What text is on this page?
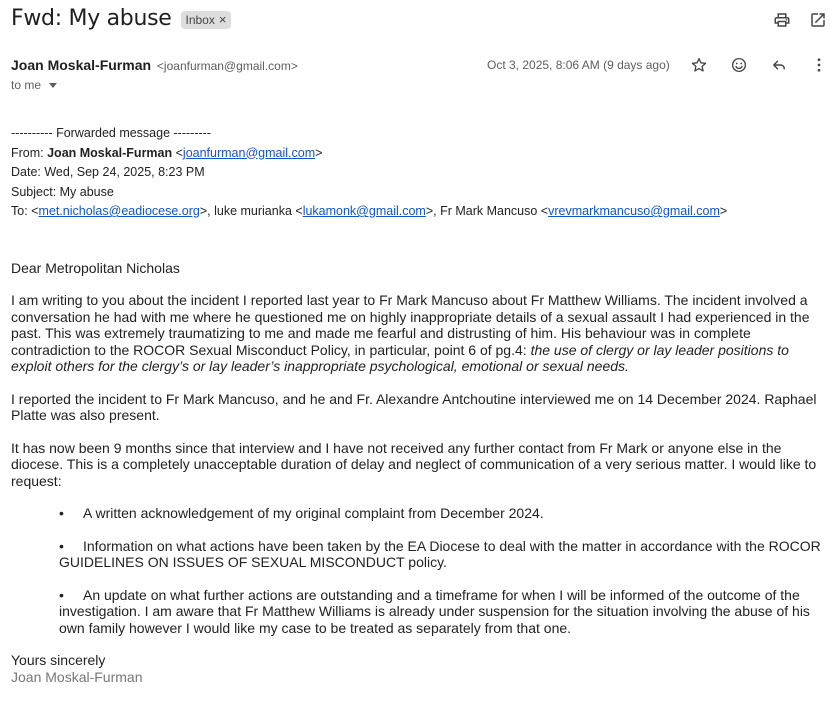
Fwd: My abuse Inbox ×
Joan Moskal-Furman <joanfurman@gmail.com>
to me
Oct 3, 2025, 8:06 AM (9 days ago)
---------- Forwarded message ---------
From: Joan Moskal-Furman <joanfurman@gmail.com>
Date: Wed, Sep 24, 2025, 8:23 PM
Subject: My abuse
To: <met.nicholas@eadiocese.org>, luke murianka <lukamonk@gmail.com>, Fr Mark Mancuso <vrevmarkmancuso@gmail.com>

Dear Metropolitan Nicholas

I am writing to you about the incident I reported last year to Fr Mark Mancuso about Fr Matthew Williams. The incident involved a conversation he had with me where he questioned me on highly inappropriate details of a sexual assault I had experienced in the past. This was extremely traumatizing to me and made me fearful and distrusting of him. His behaviour was in complete contradiction to the ROCOR Sexual Misconduct Policy, in particular, point 6 of pg.4: the use of clergy or lay leader positions to exploit others for the clergy’s or lay leader’s inappropriate psychological, emotional or sexual needs.

I reported the incident to Fr Mark Mancuso, and he and Fr. Alexandre Antchoutine interviewed me on 14 December 2024. Raphael Platte was also present.

It has now been 9 months since that interview and I have not received any further contact from Fr Mark or anyone else in the diocese. This is a completely unacceptable duration of delay and neglect of communication of a very serious matter. I would like to request:

• A written acknowledgement of my original complaint from December 2024.
• Information on what actions have been taken by the EA Diocese to deal with the matter in accordance with the ROCOR GUIDELINES ON ISSUES OF SEXUAL MISCONDUCT policy.
• An update on what further actions are outstanding and a timeframe for when I will be informed of the outcome of the investigation. I am aware that Fr Matthew Williams is already under suspension for the situation involving the abuse of his own family however I would like my case to be treated as separately from that one.
Yours sincerely
Joan Moskal-Furman
